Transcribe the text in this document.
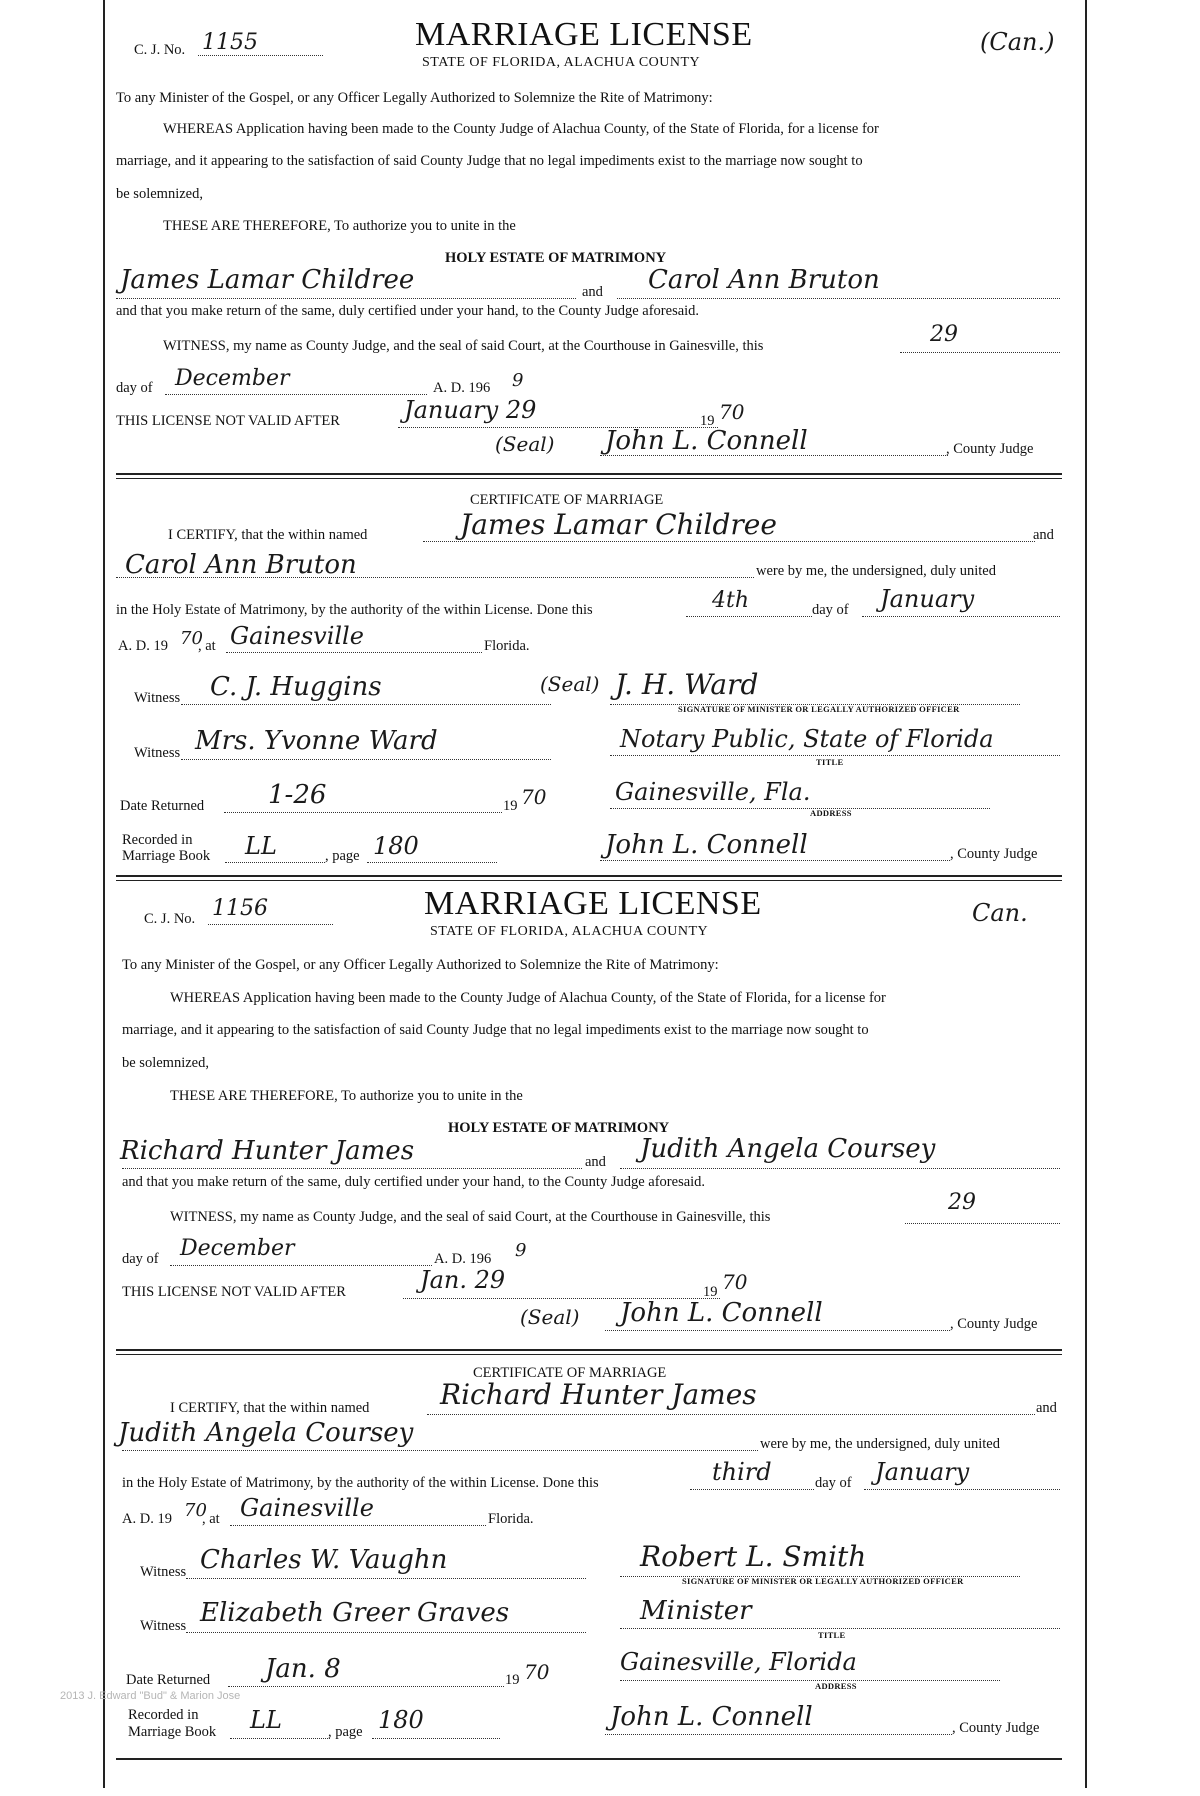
C. J. No. 1155	MARRIAGE LICENSE
STATE OF FLORIDA, ALACHUA COUNTY
(Can.)
To any Minister of the Gospel, or any Officer Legally Authorized to Solemnize the Rite of Matrimony:
WHEREAS Application having been made to the County Judge of Alachua County, of the State of Florida, for a license for
marriage, and it appearing to the satisfaction of said County Judge that no legal impediments exist to the marriage now sought to
be solemnized,
THESE ARE THEREFORE, To authorize you to unite in the
HOLY ESTATE OF MATRIMONY
James Lamar Childree	and Carol Ann Bruton
and that you make return of the same, duly certified under your hand, to the County Judge aforesaid.
WITNESS, my name as County Judge, and the seal of said Court, at the Courthouse in Gainesville, this	29
day of December	A. D. 196 9
THIS LICENSE NOT VALID AFTER	January 29	19 70
(Seal) John L. Connell	, County Judge
CERTIFICATE OF MARRIAGE
I CERTIFY, that the within named	James Lamar Childree	and
Carol Ann Bruton	were by me, the undersigned, duly united
in the Holy Estate of Matrimony, by the authority of the within License. Done this	4th	day of January
A. D. 19 70
, at Gainesville	Florida.
Witness C. J. Huggins	(Seal) J. H. Ward
SIGNATURE OF MINISTER OR LEGALLY AUTHORIZED OFFICER
Witness Mrs. Yvonne Ward	Notary Public, State of Florida
TITLE
Date Returned 1-26	19 70	Gainesville, Fla.
ADDRESS
Recorded in
Marriage Book LL	, page 180	John L. Connell	, County Judge
C. J. No. 1156	MARRIAGE LICENSE
STATE OF FLORIDA, ALACHUA COUNTY
Can.
To any Minister of the Gospel, or any Officer Legally Authorized to Solemnize the Rite of Matrimony:
WHEREAS Application having been made to the County Judge of Alachua County, of the State of Florida, for a license for
marriage, and it appearing to the satisfaction of said County Judge that no legal impediments exist to the marriage now sought to
be solemnized,
THESE ARE THEREFORE, To authorize you to unite in the
HOLY ESTATE OF MATRIMONY
Richard Hunter James	and Judith Angela Coursey
and that you make return of the same, duly certified under your hand, to the County Judge aforesaid.
WITNESS, my name as County Judge, and the seal of said Court, at the Courthouse in Gainesville, this
29
day of December	A. D. 196 9
THIS LICENSE NOT VALID AFTER	Jan. 29	19 70
(Seal) John L. Connell	, County Judge
CERTIFICATE OF MARRIAGE
I CERTIFY, that the within named	Richard Hunter James	and
Judith Angela Coursey	were by me, the undersigned, duly united
in the Holy Estate of Matrimony, by the authority of the within License. Done this	third	day of January
A. D. 19 70
, at Gainesville	Florida.
Witness Charles W. Vaughn	Robert L. Smith
SIGNATURE OF MINISTER OR LEGALLY AUTHORIZED OFFICER
Witness Elizabeth Greer Graves	Minister
TITLE
Date Returned Jan. 8	19 70	Gainesville, Florida
ADDRESS
2013 J. Edward "Bud" & Marion Jose
Recorded in
Marriage Book LL	, page 180	John L. Connell	, County Judge
